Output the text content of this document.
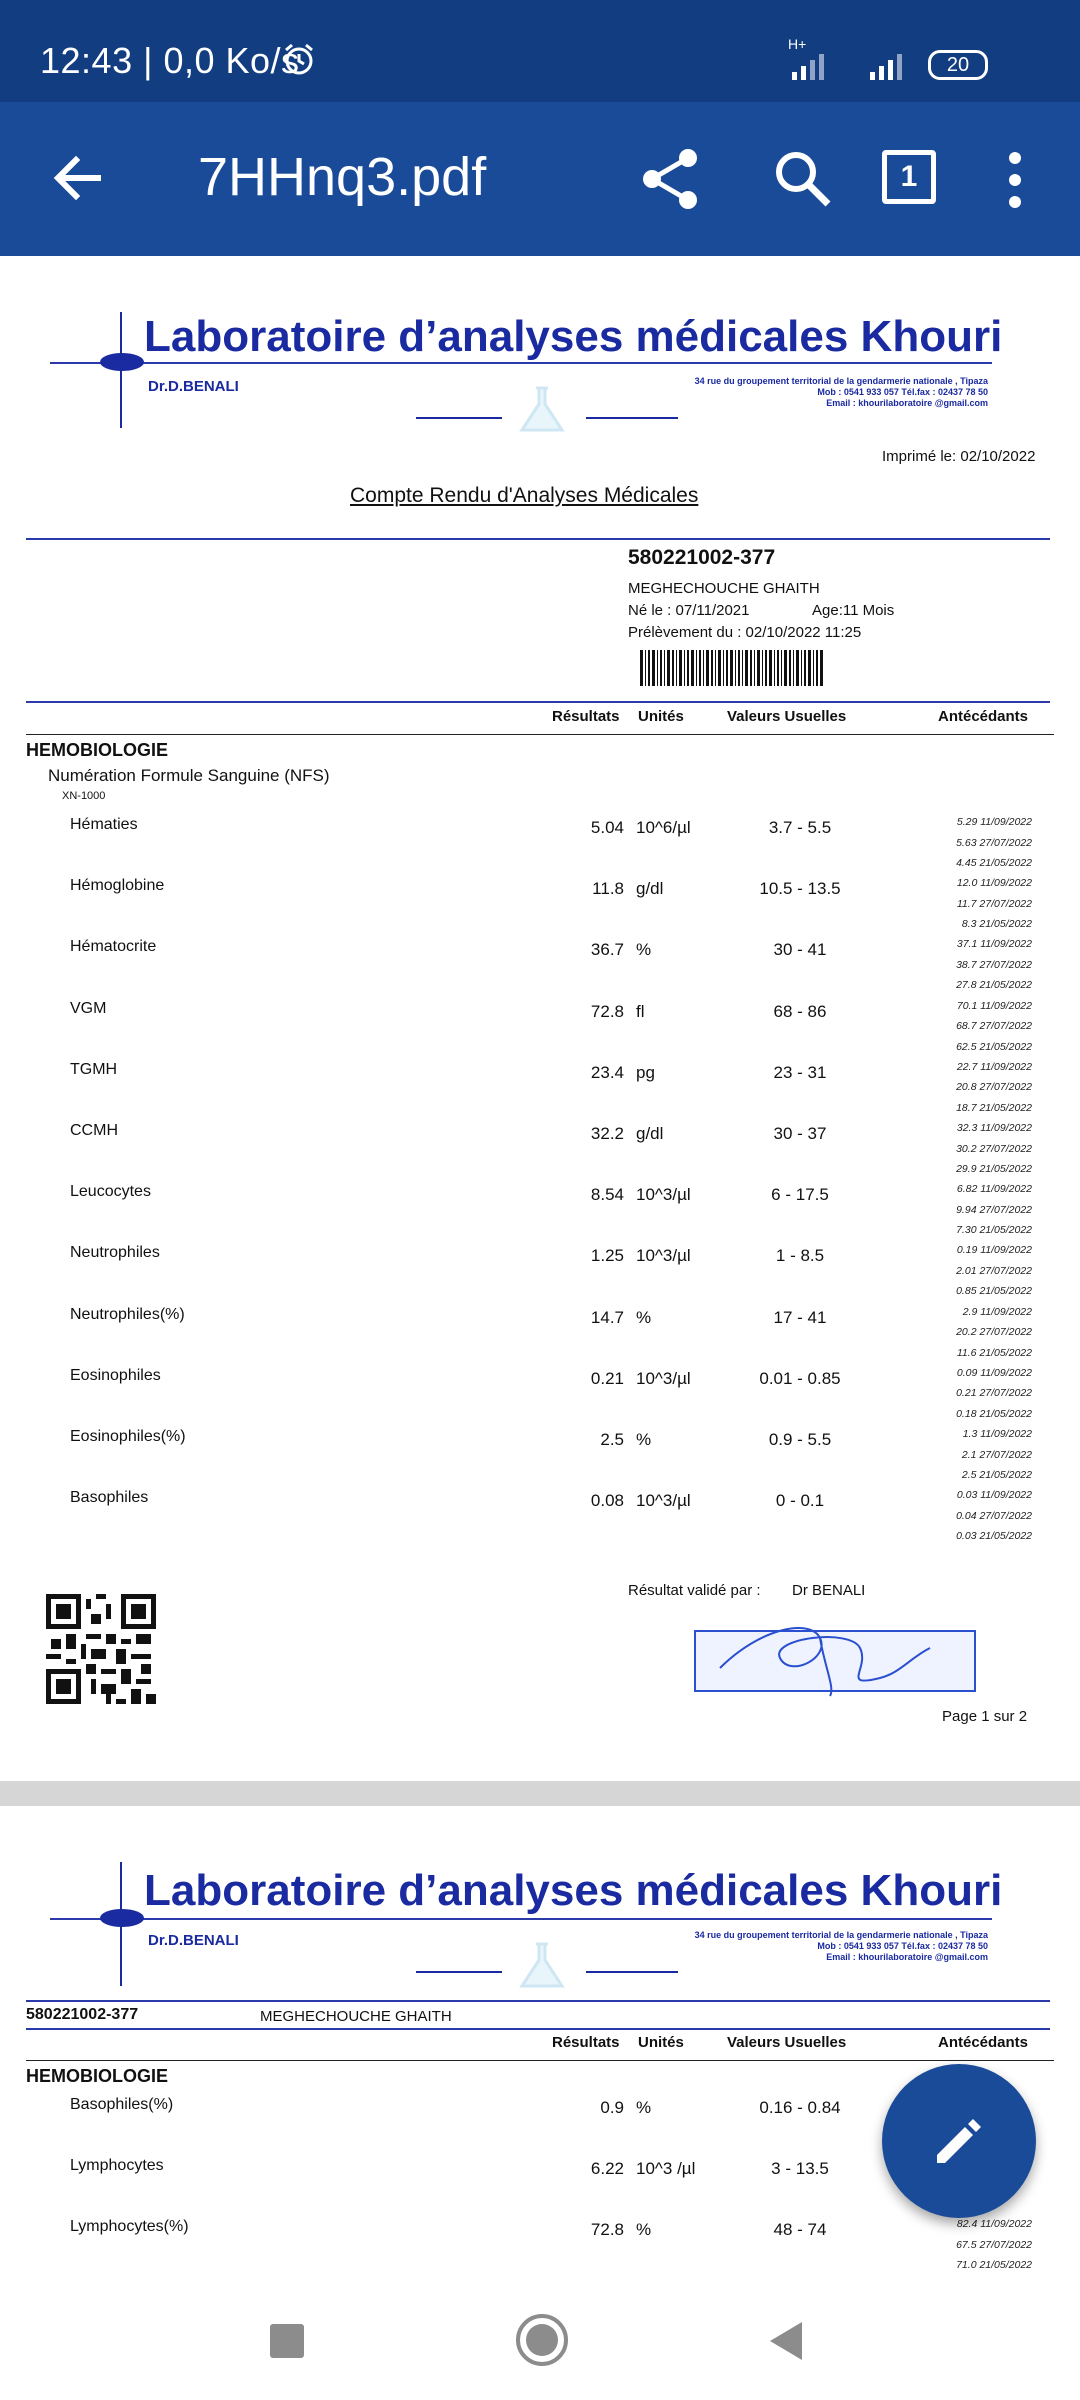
12:43 | 0,0 Ko/s	H+
20
7HHnq3.pdf	1
Laboratoire d’analyses médicales Khouri
Dr.D.BENALI	34 rue du groupement territorial de la gendarmerie nationale , Tipaza
Mob : 0541 933 057 Tél.fax : 02437 78 50
Email : khourilaboratoire @gmail.com
Imprimé le: 02/10/2022
Compte Rendu d'Analyses Médicales
580221002-377
MEGHECHOUCHE GHAITH
Né le : 07/11/2021	Age:11 Mois
Prélèvement du : 02/10/2022 11:25
Résultats Unités	Valeurs Usuelles	Antécédants
HEMOBIOLOGIE
Numération Formule Sanguine (NFS)
XN-1000
Hématies	5.04 10^6/µl	3.7 - 5.5	5.29 11/09/2022
5.63 27/07/2022
4.45 21/05/2022
Hémoglobine	11.8 g/dl	10.5 - 13.5	12.0 11/09/2022
11.7 27/07/2022
8.3 21/05/2022
Hématocrite	36.7 %	30 - 41	37.1 11/09/2022
38.7 27/07/2022
27.8 21/05/2022
VGM	72.8 fl	68 - 86	70.1 11/09/2022
68.7 27/07/2022
62.5 21/05/2022
TGMH	23.4 pg	23 - 31	22.7 11/09/2022
20.8 27/07/2022
18.7 21/05/2022
CCMH	32.2 g/dl	30 - 37	32.3 11/09/2022
30.2 27/07/2022
29.9 21/05/2022
Leucocytes	8.54 10^3/µl	6 - 17.5	6.82 11/09/2022
9.94 27/07/2022
7.30 21/05/2022
Neutrophiles	1.25 10^3/µl	1 - 8.5	0.19 11/09/2022
2.01 27/07/2022
0.85 21/05/2022
Neutrophiles(%)	14.7 %	17 - 41	2.9 11/09/2022
20.2 27/07/2022
11.6 21/05/2022
Eosinophiles	0.21 10^3/µl	0.01 - 0.85	0.09 11/09/2022
0.21 27/07/2022
0.18 21/05/2022
Eosinophiles(%)	2.5 %	0.9 - 5.5	1.3 11/09/2022
2.1 27/07/2022
2.5 21/05/2022
Basophiles	0.08 10^3/µl	0 - 0.1	0.03 11/09/2022
0.04 27/07/2022
0.03 21/05/2022
Résultat validé par : Dr BENALI
Page 1 sur 2
Laboratoire d’analyses médicales Khouri
Dr.D.BENALI	34 rue du groupement territorial de la gendarmerie nationale , Tipaza
Mob : 0541 933 057 Tél.fax : 02437 78 50
Email : khourilaboratoire @gmail.com
580221002-377	MEGHECHOUCHE GHAITH
Résultats Unités	Valeurs Usuelles	Antécédants
HEMOBIOLOGIE
Basophiles(%)	0.9 %	0.16 - 0.84
Lymphocytes	6.22 10^3 /µl	3 - 13.5
Lymphocytes(%)	72.8 %	48 - 74	82.4 11/09/2022
67.5 27/07/2022
71.0 21/05/2022
